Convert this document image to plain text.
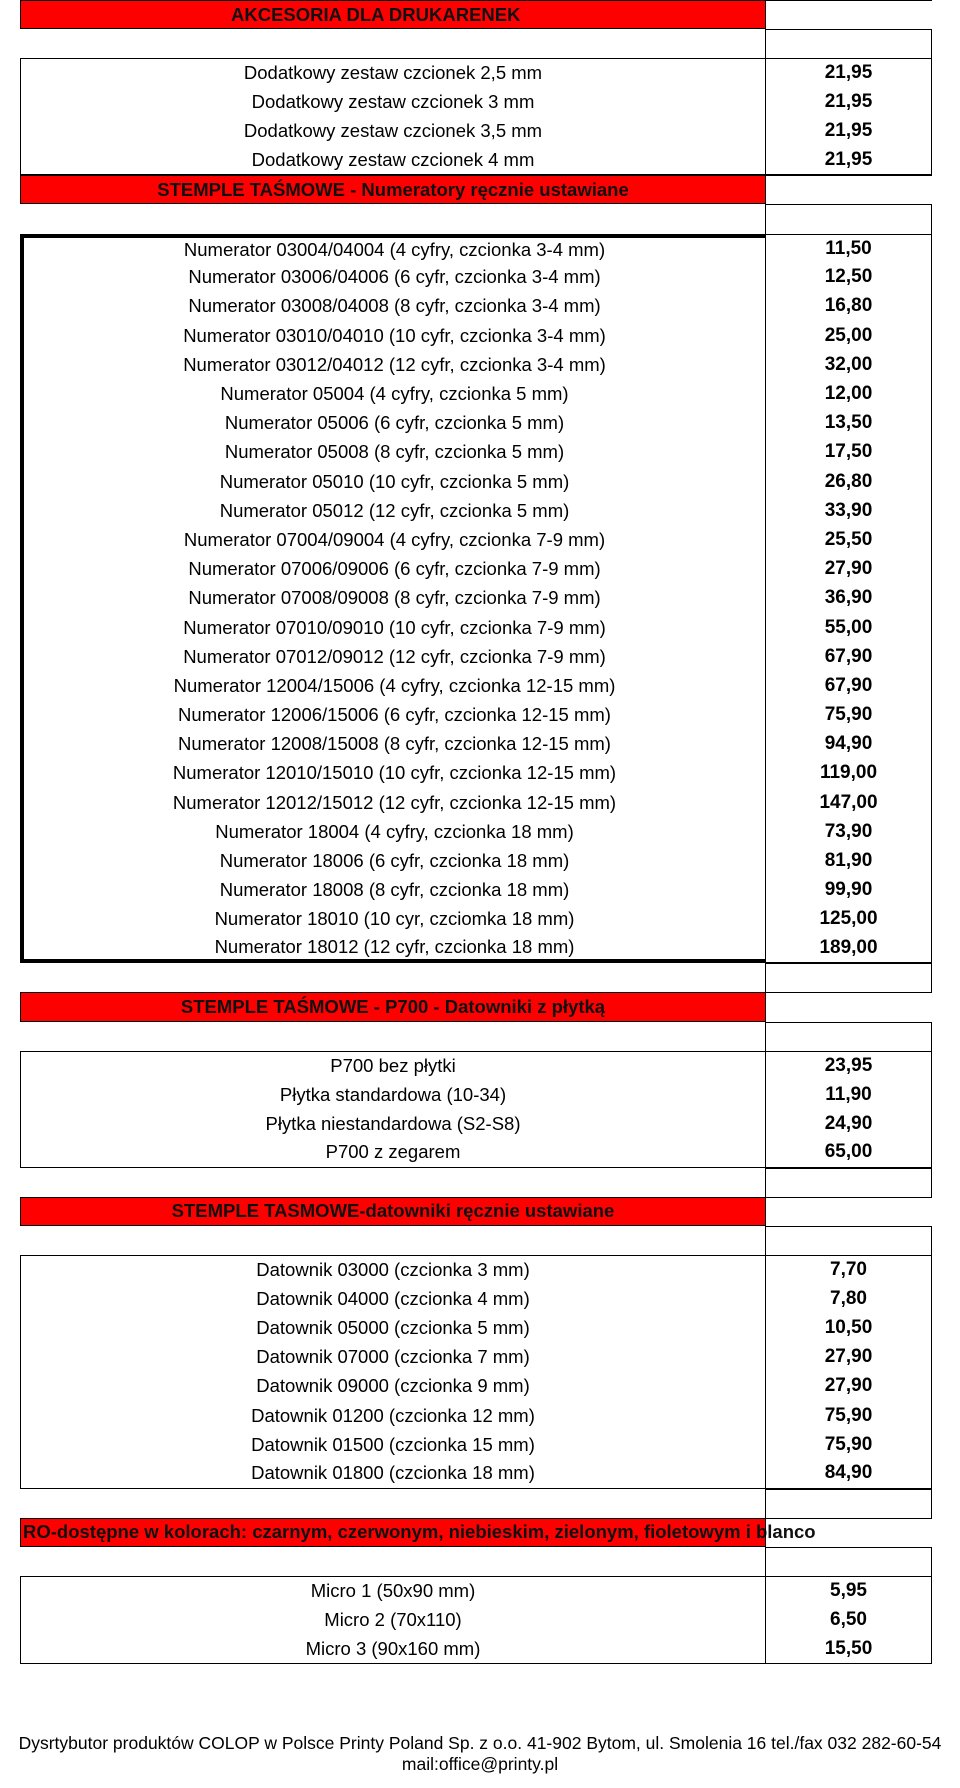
AKCESORIA DLA DRUKARENEK
Dodatkowy zestaw czcionek 2,5 mm	21,95
Dodatkowy zestaw czcionek 3 mm	21,95
Dodatkowy zestaw czcionek 3,5 mm	21,95
Dodatkowy zestaw czcionek 4 mm	21,95
STEMPLE TAŚMOWE - Numeratory ręcznie ustawiane
Numerator 03004/04004 (4 cyfry, czcionka 3-4 mm)	11,50
Numerator 03006/04006 (6 cyfr, czcionka 3-4 mm)	12,50
Numerator 03008/04008 (8 cyfr, czcionka 3-4 mm)	16,80
Numerator 03010/04010 (10 cyfr, czcionka 3-4 mm)	25,00
Numerator 03012/04012 (12 cyfr, czcionka 3-4 mm)	32,00
Numerator 05004 (4 cyfry, czcionka 5 mm)	12,00
Numerator 05006 (6 cyfr, czcionka 5 mm)	13,50
Numerator 05008 (8 cyfr, czcionka 5 mm)	17,50
Numerator 05010 (10 cyfr, czcionka 5 mm)	26,80
Numerator 05012 (12 cyfr, czcionka 5 mm)	33,90
Numerator 07004/09004 (4 cyfry, czcionka 7-9 mm)	25,50
Numerator 07006/09006 (6 cyfr, czcionka 7-9 mm)	27,90
Numerator 07008/09008 (8 cyfr, czcionka 7-9 mm)	36,90
Numerator 07010/09010 (10 cyfr, czcionka 7-9 mm)	55,00
Numerator 07012/09012 (12 cyfr, czcionka 7-9 mm)	67,90
Numerator 12004/15006 (4 cyfry, czcionka 12-15 mm)	67,90
Numerator 12006/15006 (6 cyfr, czcionka 12-15 mm)	75,90
Numerator 12008/15008 (8 cyfr, czcionka 12-15 mm)	94,90
Numerator 12010/15010 (10 cyfr, czcionka 12-15 mm)	119,00
Numerator 12012/15012 (12 cyfr, czcionka 12-15 mm)	147,00
Numerator 18004 (4 cyfry, czcionka 18 mm)	73,90
Numerator 18006 (6 cyfr, czcionka 18 mm)	81,90
Numerator 18008 (8 cyfr, czcionka 18 mm)	99,90
Numerator 18010 (10 cyr, czciomka 18 mm)	125,00
Numerator 18012 (12 cyfr, czcionka 18 mm)	189,00
STEMPLE TAŚMOWE - P700 - Datowniki z płytką
P700 bez płytki	23,95
Płytka standardowa (10-34)	11,90
Płytka niestandardowa (S2-S8)	24,90
P700 z zegarem	65,00
STEMPLE TASMOWE-datowniki ręcznie ustawiane
Datownik 03000 (czcionka 3 mm)	7,70
Datownik 04000 (czcionka 4 mm)	7,80
Datownik 05000 (czcionka 5 mm)	10,50
Datownik 07000 (czcionka 7 mm)	27,90
Datownik 09000 (czcionka 9 mm)	27,90
Datownik 01200 (czcionka 12 mm)	75,90
Datownik 01500 (czcionka 15 mm)	75,90
Datownik 01800 (czcionka 18 mm)	84,90
RO-dostępne w kolorach: czarnym, czerwonym, niebieskim, zielonym, fioletowym i blanco
Micro 1 (50x90 mm)	5,95
Micro 2 (70x110)	6,50
Micro 3 (90x160 mm)	15,50
Dysrtybutor produktów COLOP w Polsce Printy Poland Sp. z o.o. 41-902 Bytom, ul. Smolenia 16 tel./fax 032 282-60-54
mail:office@printy.pl
